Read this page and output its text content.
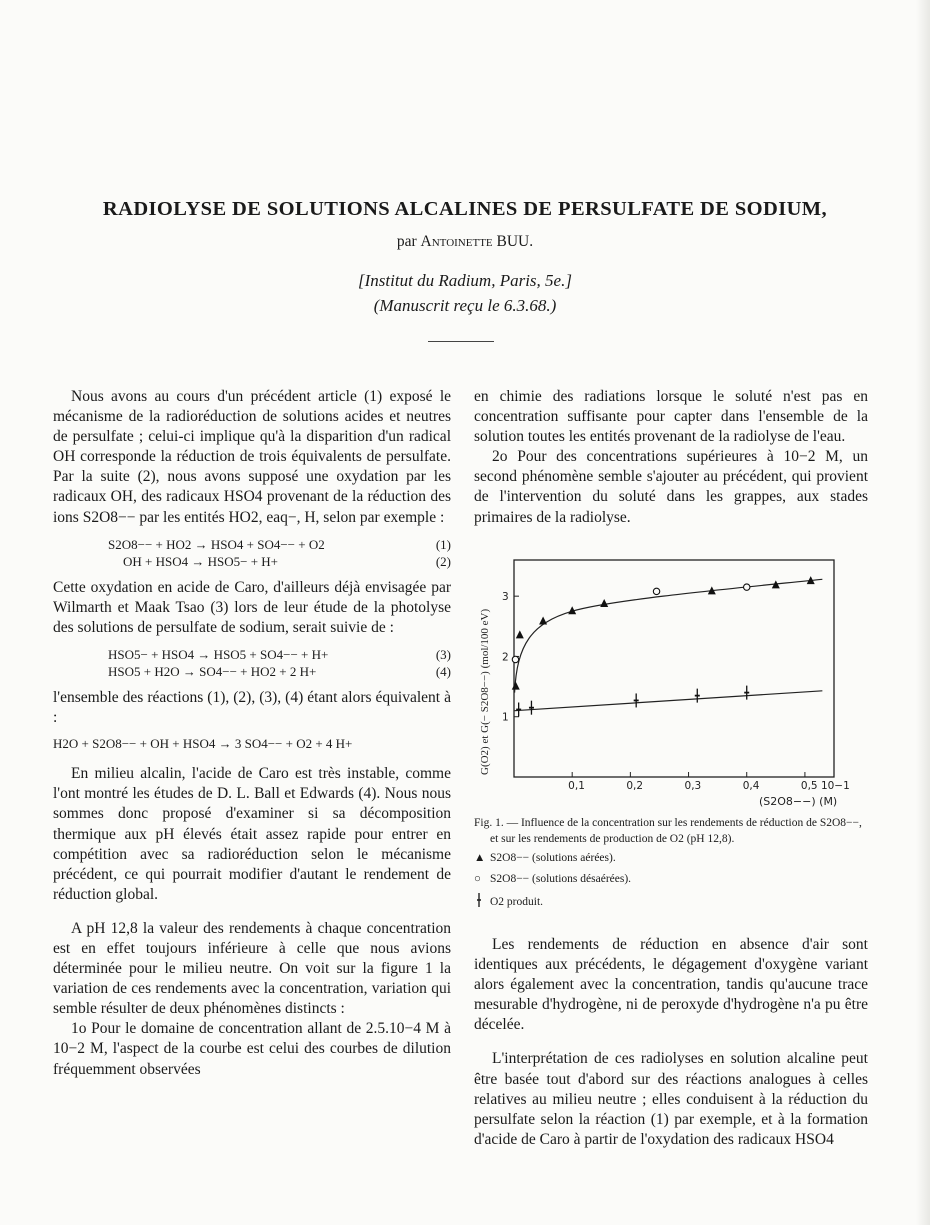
RADIOLYSE DE SOLUTIONS ALCALINES DE PERSULFATE DE SODIUM,
par Antoinette BUU.
[Institut du Radium, Paris, 5e.]
(Manuscrit reçu le 6.3.68.)

Nous avons au cours d'un précédent article (1) exposé le mécanisme de la radioréduction de solutions acides et neutres de persulfate ; celui-ci implique qu'à la disparition d'un radical OH corresponde la réduction de trois équivalents de persulfate. Par la suite (2), nous avons supposé une oxydation par les radicaux OH, des radicaux HSO4 provenant de la réduction des ions S2O8−− par les entités HO2, eaq−, H, selon par exemple :

S2O8−− + HO2 → HSO4 + SO4−− + O2	(1)
OH + HSO4 → HSO5− + H+	(2)

Cette oxydation en acide de Caro, d'ailleurs déjà envisagée par Wilmarth et Maak Tsao (3) lors de leur étude de la photolyse des solutions de persulfate de sodium, serait suivie de :

HSO5− + HSO4 → HSO5 + SO4−− + H+	(3)
HSO5 + H2O → SO4−− + HO2 + 2 H+	(4)

l'ensemble des réactions (1), (2), (3), (4) étant alors équivalent à :

H2O + S2O8−− + OH + HSO4 → 3 SO4−− + O2 + 4 H+

En milieu alcalin, l'acide de Caro est très instable, comme l'ont montré les études de D. L. Ball et Edwards (4). Nous nous sommes donc proposé d'examiner si sa décomposition thermique aux pH élevés était assez rapide pour entrer en compétition avec sa radioréduction selon le mécanisme précédent, ce qui pourrait modifier d'autant le rendement de réduction global.

A pH 12,8 la valeur des rendements à chaque concentration est en effet toujours inférieure à celle que nous avions déterminée pour le milieu neutre. On voit sur la figure 1 la variation de ces rendements avec la concentration, variation qui semble résulter de deux phénomènes distincts :

1o Pour le domaine de concentration allant de 2.5.10−4 M à 10−2 M, l'aspect de la courbe est celui des courbes de dilution fréquemment observées

en chimie des radiations lorsque le soluté n'est pas en concentration suffisante pour capter dans l'ensemble de la solution toutes les entités provenant de la radiolyse de l'eau.

2o Pour des concentrations supérieures à 10−2 M, un second phénomène semble s'ajouter au précédent, qui provient de l'intervention du soluté dans les grappes, aux stades primaires de la radiolyse.

0,1	0,2	0,3	0,4	0,5 10−1
1
2
3
G(O2) et G(− S2O8−−) (mol/100 eV)
(S2O8−−) (M)

Fig. 1. — Influence de la concentration sur les rendements de réduction de S2O8−−, et sur les rendements de production de O2 (pH 12,8).

▲ S2O8−− (solutions aérées).
○ S2O8−− (solutions désaérées).
O2 produit.

Les rendements de réduction en absence d'air sont identiques aux précédents, le dégagement d'oxygène variant alors également avec la concentration, tandis qu'aucune trace mesurable d'hydrogène, ni de peroxyde d'hydrogène n'a pu être décelée.

L'interprétation de ces radiolyses en solution alcaline peut être basée tout d'abord sur des réactions analogues à celles relatives au milieu neutre ; elles conduisent à la réduction du persulfate selon la réaction (1) par exemple, et à la formation d'acide de Caro à partir de l'oxydation des radicaux HSO4
